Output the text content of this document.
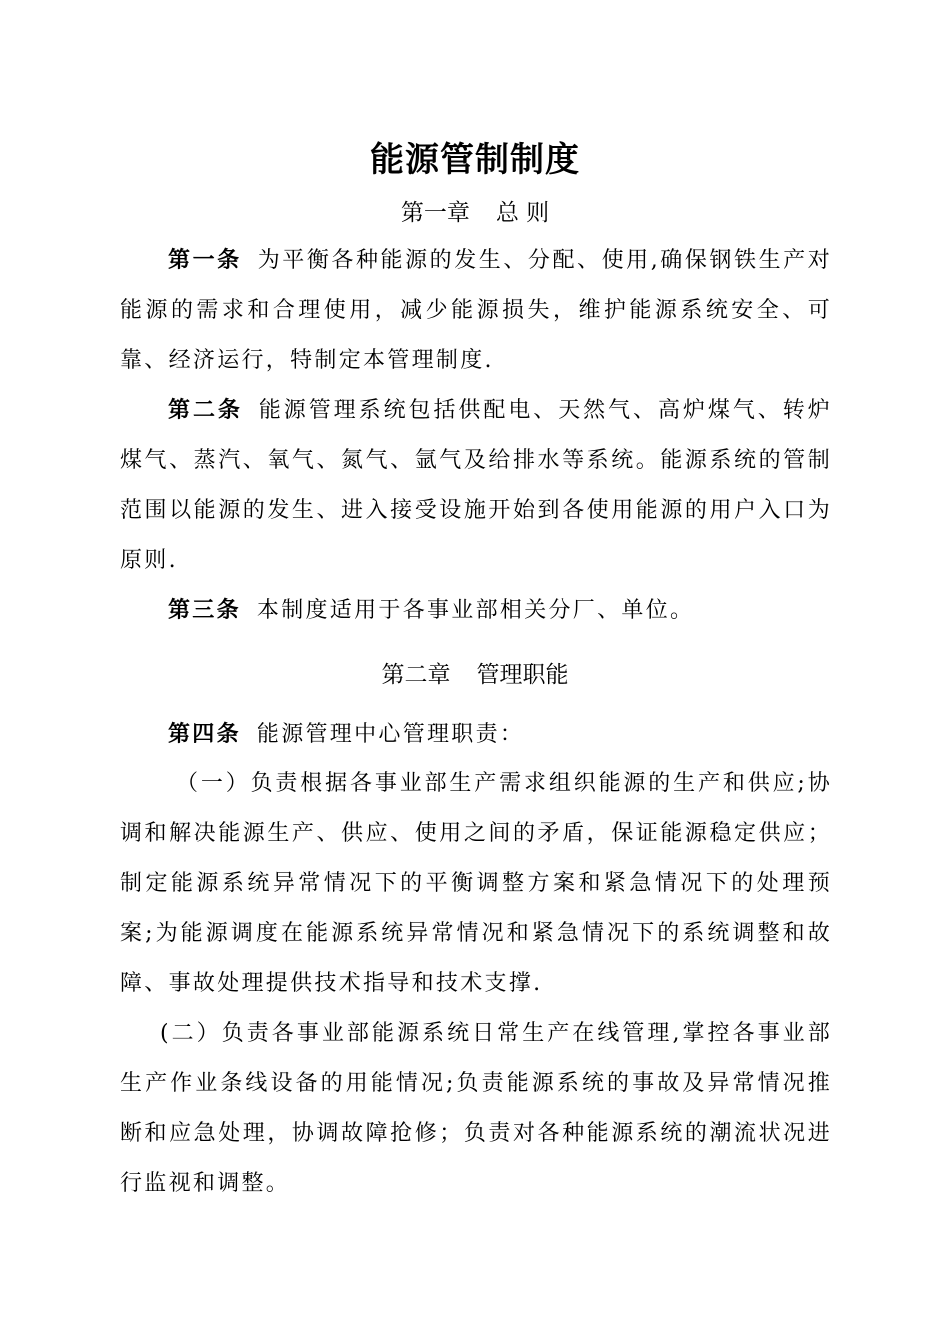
能源管制制度
第一章 总 则
第一条 为平衡各种能源的发生、分配、使用,确保钢铁生产对能源的需求和合理使用，减少能源损失，维护能源系统安全、可靠、经济运行，特制定本管理制度.
第二条 能源管理系统包括供配电、天然气、高炉煤气、转炉煤气、蒸汽、氧气、氮气、氩气及给排水等系统。能源系统的管制范围以能源的发生、进入接受设施开始到各使用能源的用户入口为原则.
第三条 本制度适用于各事业部相关分厂、单位。
第二章 管理职能
第四条 能源管理中心管理职责：
（一）负责根据各事业部生产需求组织能源的生产和供应;协调和解决能源生产、供应、使用之间的矛盾，保证能源稳定供应；制定能源系统异常情况下的平衡调整方案和紧急情况下的处理预案;为能源调度在能源系统异常情况和紧急情况下的系统调整和故障、事故处理提供技术指导和技术支撑.
(二）负责各事业部能源系统日常生产在线管理,掌控各事业部生产作业条线设备的用能情况;负责能源系统的事故及异常情况推断和应急处理，协调故障抢修；负责对各种能源系统的潮流状况进行监视和调整。
